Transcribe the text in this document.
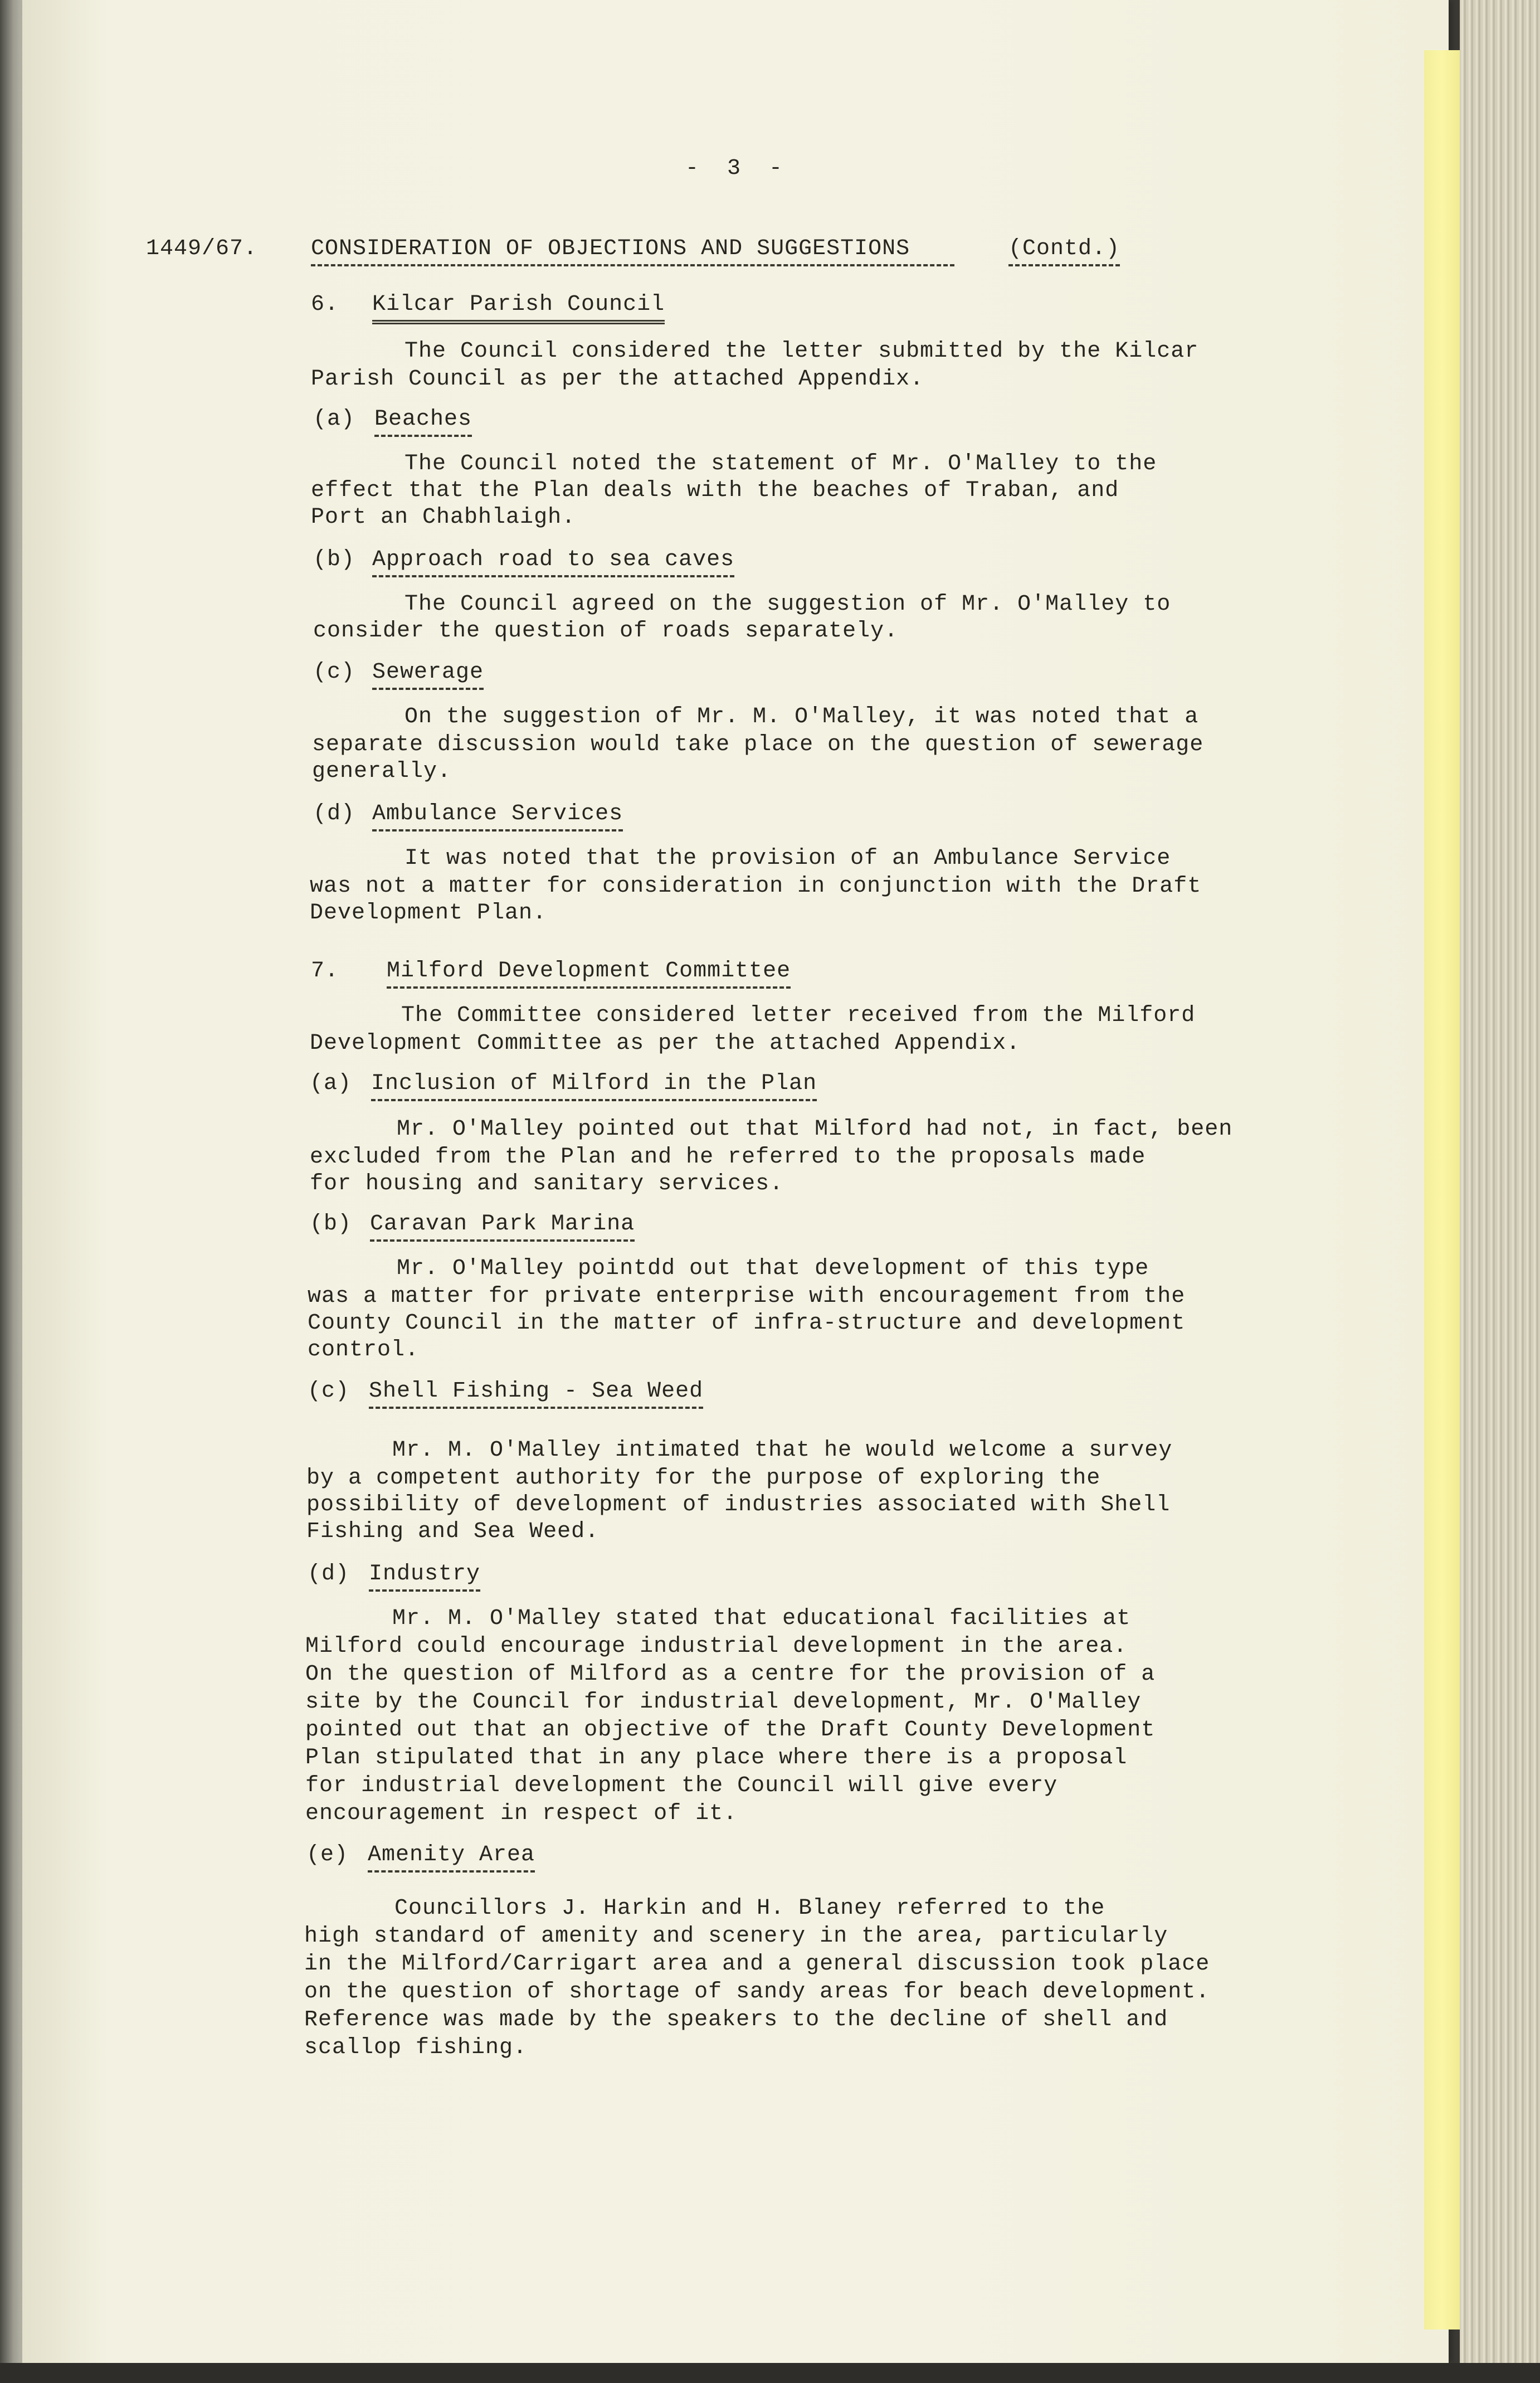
-  3  -
1449/67. CONSIDERATION OF OBJECTIONS AND SUGGESTIONS	(Contd.)
6. Kilcar Parish Council
The Council considered the letter submitted by the Kilcar
Parish Council as per the attached Appendix.
(a) Beaches
The Council noted the statement of Mr. O'Malley to the
effect that the Plan deals with the beaches of Traban, and
Port an Chabhlaigh.
(b) Approach road to sea caves
The Council agreed on the suggestion of Mr. O'Malley to
consider the question of roads separately.
(c) Sewerage
On the suggestion of Mr. M. O'Malley, it was noted that a
separate discussion would take place on the question of sewerage
generally.
(d) Ambulance Services
It was noted that the provision of an Ambulance Service
was not a matter for consideration in conjunction with the Draft
Development Plan.
7. Milford Development Committee
The Committee considered letter received from the Milford
Development Committee as per the attached Appendix.
(a) Inclusion of Milford in the Plan
Mr. O'Malley pointed out that Milford had not, in fact, been
excluded from the Plan and he referred to the proposals made
for housing and sanitary services.
(b) Caravan Park Marina
Mr. O'Malley pointdd out that development of this type
was a matter for private enterprise with encouragement from the
County Council in the matter of infra-structure and development
control.
(c) Shell Fishing - Sea Weed
Mr. M. O'Malley intimated that he would welcome a survey
by a competent authority for the purpose of exploring the
possibility of development of industries associated with Shell
Fishing and Sea Weed.
(d) Industry
Mr. M. O'Malley stated that educational facilities at
Milford could encourage industrial development in the area.
On the question of Milford as a centre for the provision of a
site by the Council for industrial development, Mr. O'Malley
pointed out that an objective of the Draft County Development
Plan stipulated that in any place where there is a proposal
for industrial development the Council will give every
encouragement in respect of it.
(e) Amenity Area
Councillors J. Harkin and H. Blaney referred to the
high standard of amenity and scenery in the area, particularly
in the Milford/Carrigart area and a general discussion took place
on the question of shortage of sandy areas for beach development.
Reference was made by the speakers to the decline of shell and
scallop fishing.
